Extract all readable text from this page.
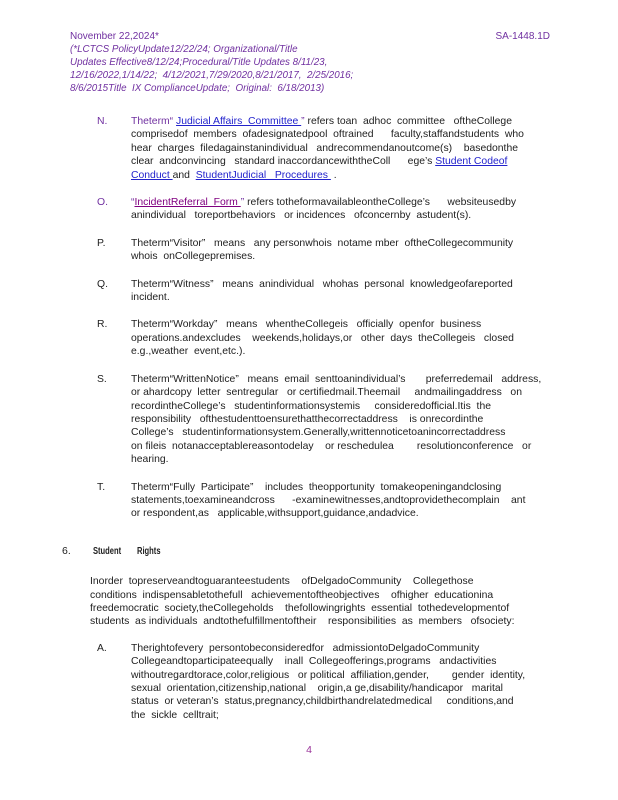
November 22,2024*	SA-1448.1D
(*LCTCS PolicyUpdate12/22/24; Organizational/Title
Updates Effective8/12/24;Procedural/Title Updates 8/11/23,
12/16/2022,1/14/22;  4/12/2021,7/29/2020,8/21/2017,  2/25/2016;
8/6/2015Title  IX ComplianceUpdate;  Original:  6/18/2013)
N.	Theterm“ Judicial Affairs  Committee ” refers toan  adhoc  committee   oftheCollege
comprisedof  members  ofadesignatedpool  oftrained      faculty,staffandstudents  who
hear  charges  filedagainstanindividual   andrecommendanoutcome(s)    basedonthe
clear  andconvincing   standard inaccordancewiththeColl      ege’s Student Codeof
Conduct and  StudentJudicial   Procedures  .
O.	“IncidentReferral  Form ” refers totheformavailableontheCollege’s      websiteusedby
anindividual   toreportbehaviors   or incidences   ofconcernby  astudent(s).
P.	Theterm“Visitor”   means   any personwhois  notame mber  oftheCollegecommunity
whois  onCollegepremises.
Q.	Theterm“Witness”   means  anindividual   whohas  personal  knowledgeofareported
incident.
R.	Theterm“Workday”   means   whentheCollegeis   officially  openfor  business
operations.andexcludes    weekends,holidays,or   other  days  theCollegeis   closed
e.g.,weather  event,etc.).
S.	Theterm“WrittenNotice”   means  email  senttoanindividual’s       preferredemail   address,
or ahardcopy  letter  sentregular   or certifiedmail.Theemail     andmailingaddress   on
recordintheCollege’s   studentinformationsystemis     consideredofficial.Itis  the
responsibility   ofthestudenttoensurethatthecorrectaddress    is onrecordinthe
College’s   studentinformationsystem.Generally,writtennoticetoanincorrectaddress
on fileis  notanacceptablereasontodelay    or reschedulea        resolutionconference   or
hearing.
T.	Theterm“Fully  Participate”    includes  theopportunity  tomakeopeningandclosing
statements,toexamineandcross      -examinewitnesses,andtoprovidethecomplain    ant
or respondent,as   applicable,withsupport,guidance,andadvice.
6.	Student Rights
Inorder  topreserveandtoguaranteestudents    ofDelgadoCommunity    Collegethose
conditions  indispensabletothefull   achievementoftheobjectives    ofhigher  educationina
freedemocratic  society,theCollegeholds    thefollowingrights  essential  tothedevelopmentof
students  as individuals  andtothefulfillmentoftheir    responsibilities  as  members   ofsociety:
A.	Therightofevery  persontobeconsideredfor   admissiontoDelgadoCommunity
Collegeandtoparticipateequally    inall  Collegeofferings,programs   andactivities
withoutregardtorace,color,religious   or political  affiliation,gender,        gender  identity,
sexual  orientation,citizenship,national    origin,a ge,disability/handicapor   marital
status  or veteran’s  status,pregnancy,childbirthandrelatedmedical     conditions,and
the  sickle  celltrait;
4
